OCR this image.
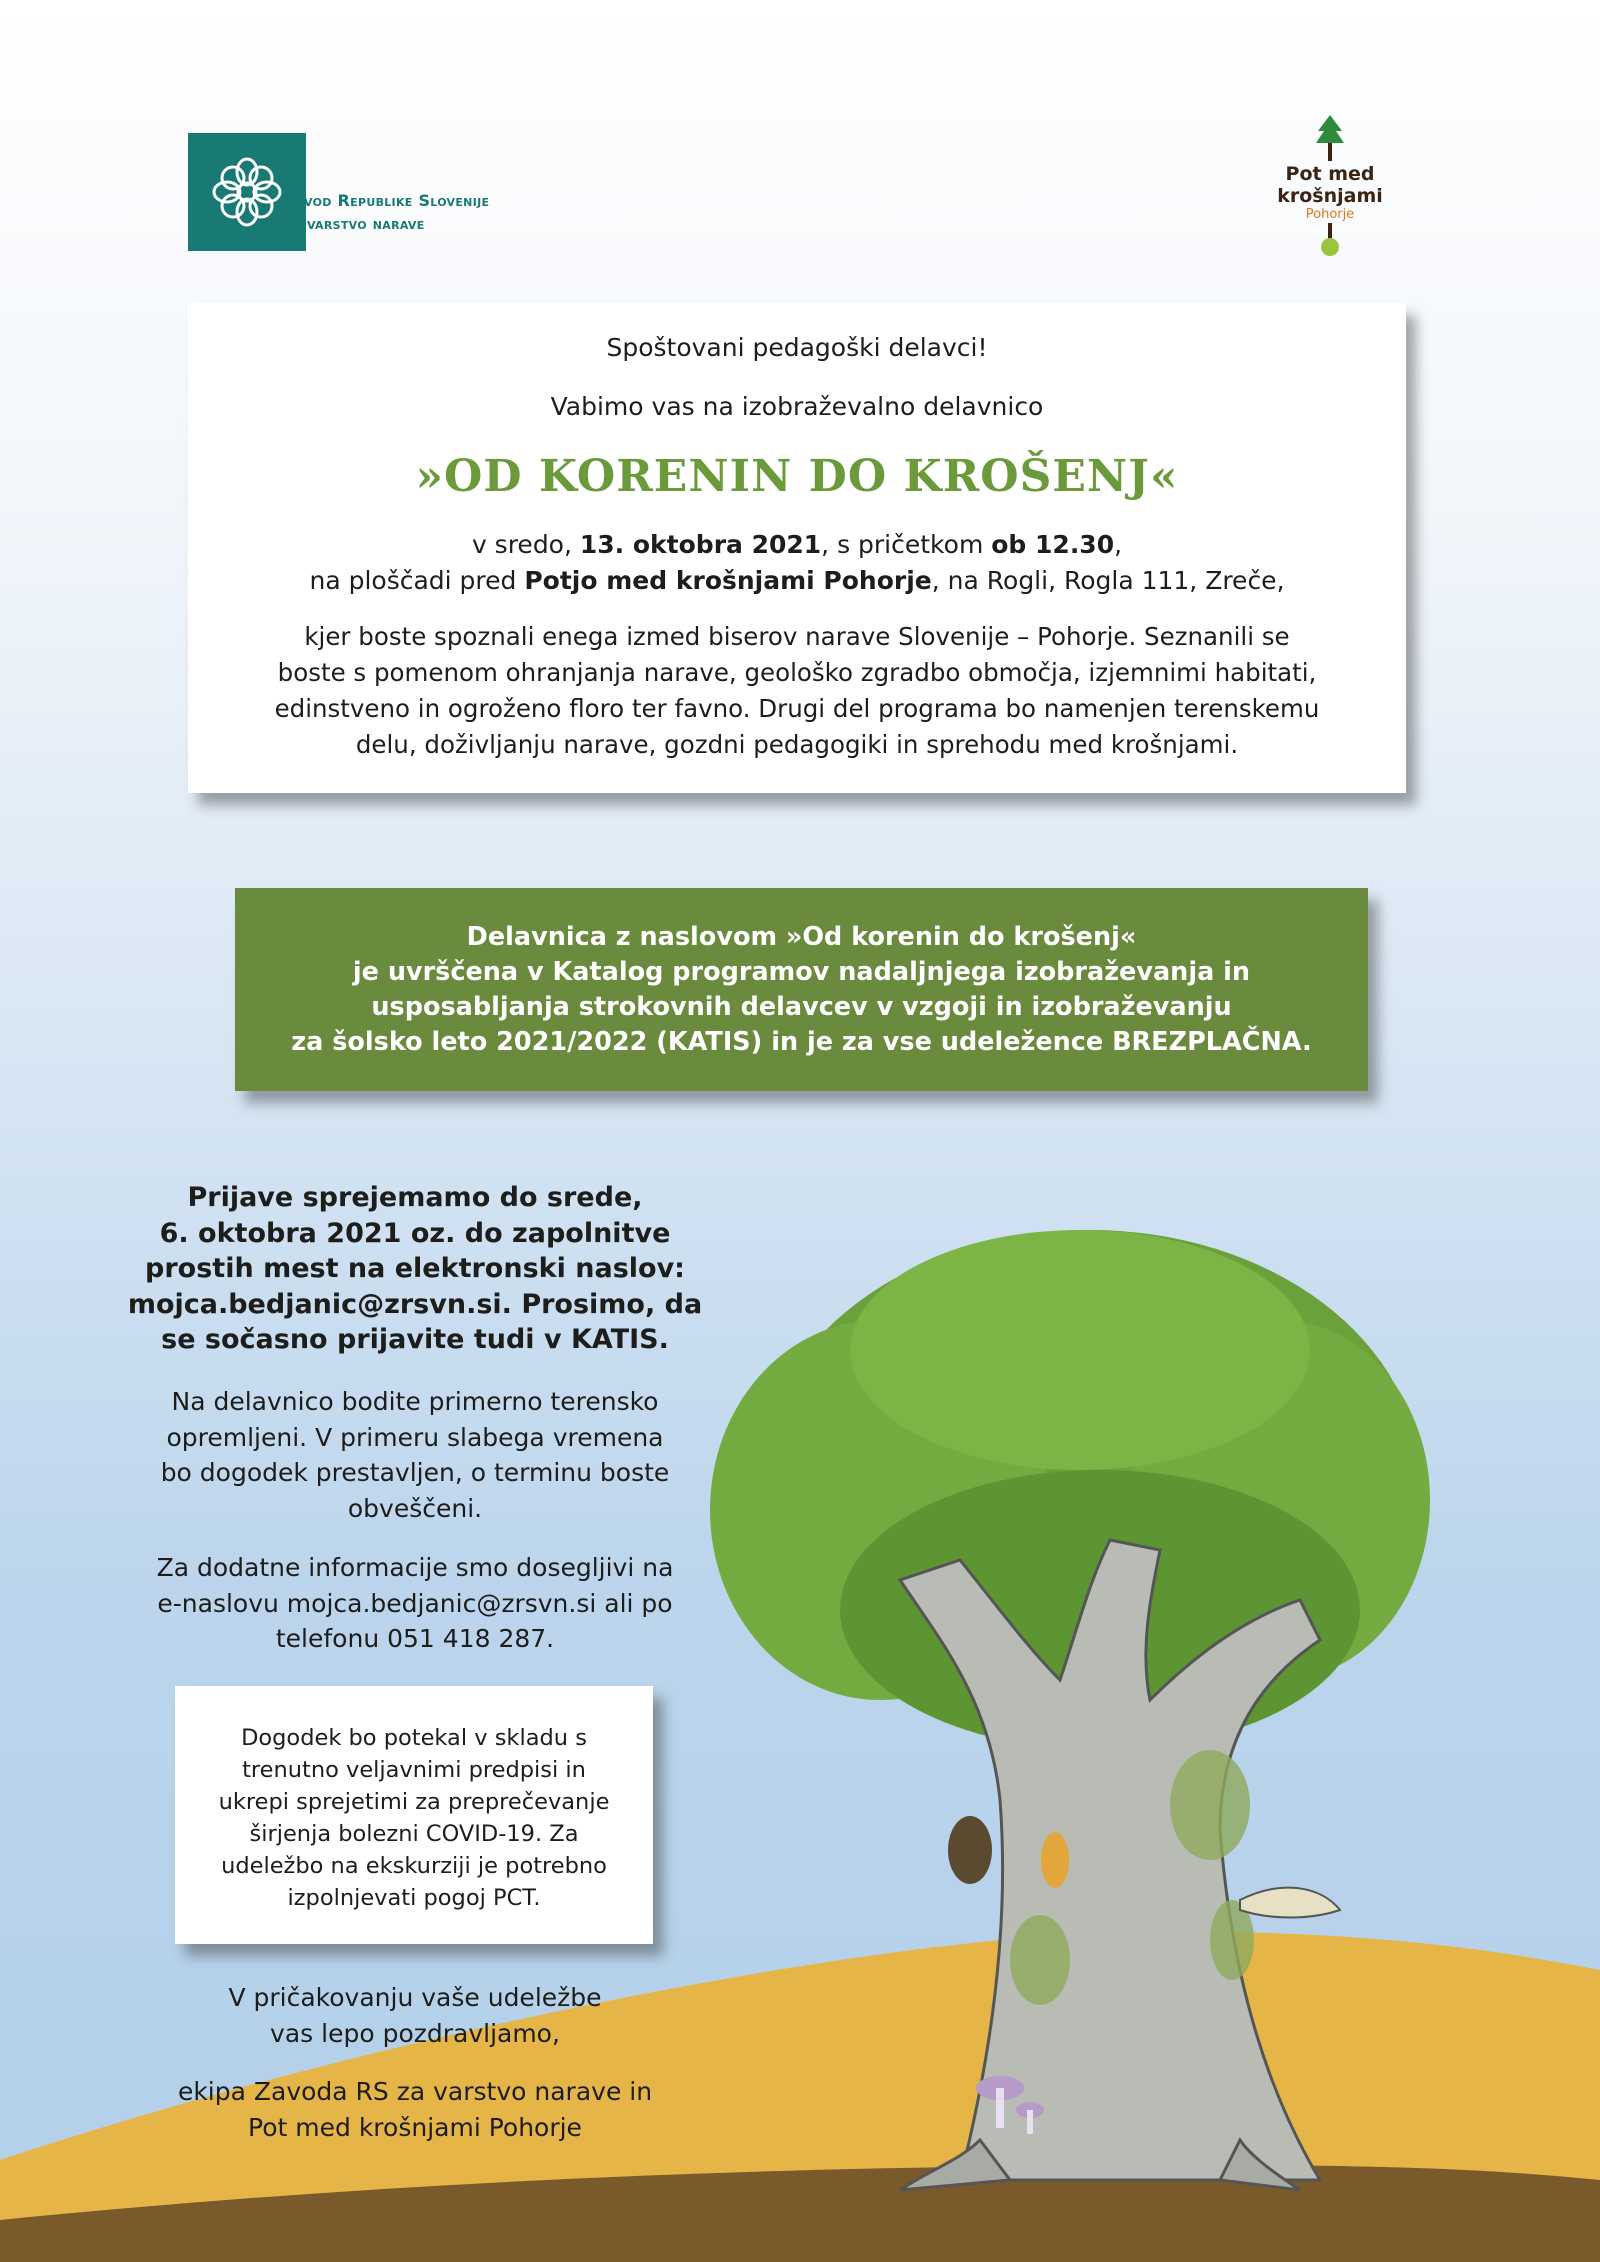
Zavod Republike Slovenije
za varstvo narave
Pot med
krošnjami
Pohorje
Spoštovani pedagoški delavci!
Vabimo vas na izobraževalno delavnico
»OD KORENIN DO KROŠENJ«
v sredo, 13. oktobra 2021, s pričetkom ob 12.30,
na ploščadi pred Potjo med krošnjami Pohorje, na Rogli, Rogla 111, Zreče,
kjer boste spoznali enega izmed biserov narave Slovenije – Pohorje. Seznanili se
boste s pomenom ohranjanja narave, geološko zgradbo območja, izjemnimi habitati,
edinstveno in ogroženo floro ter favno. Drugi del programa bo namenjen terenskemu
delu, doživljanju narave, gozdni pedagogiki in sprehodu med krošnjami.
Delavnica z naslovom »Od korenin do krošenj«
je uvrščena v Katalog programov nadaljnjega izobraževanja in
usposabljanja strokovnih delavcev v vzgoji in izobraževanju
za šolsko leto 2021/2022 (KATIS) in je za vse udeležence BREZPLAČNA.
Prijave sprejemamo do srede,
6. oktobra 2021 oz. do zapolnitve
prostih mest na elektronski naslov:
mojca.bedjanic@zrsvn.si. Prosimo, da
se sočasno prijavite tudi v KATIS.
Na delavnico bodite primerno terensko
opremljeni. V primeru slabega vremena
bo dogodek prestavljen, o terminu boste
obveščeni.
Za dodatne informacije smo dosegljivi na
e-naslovu mojca.bedjanic@zrsvn.si ali po
telefonu 051 418 287.
Dogodek bo potekal v skladu s
trenutno veljavnimi predpisi in
ukrepi sprejetimi za preprečevanje
širjenja bolezni COVID-19. Za
udeležbo na ekskurziji je potrebno
izpolnjevati pogoj PCT.
V pričakovanju vaše udeležbe
vas lepo pozdravljamo,
ekipa Zavoda RS za varstvo narave in
Pot med krošnjami Pohorje
